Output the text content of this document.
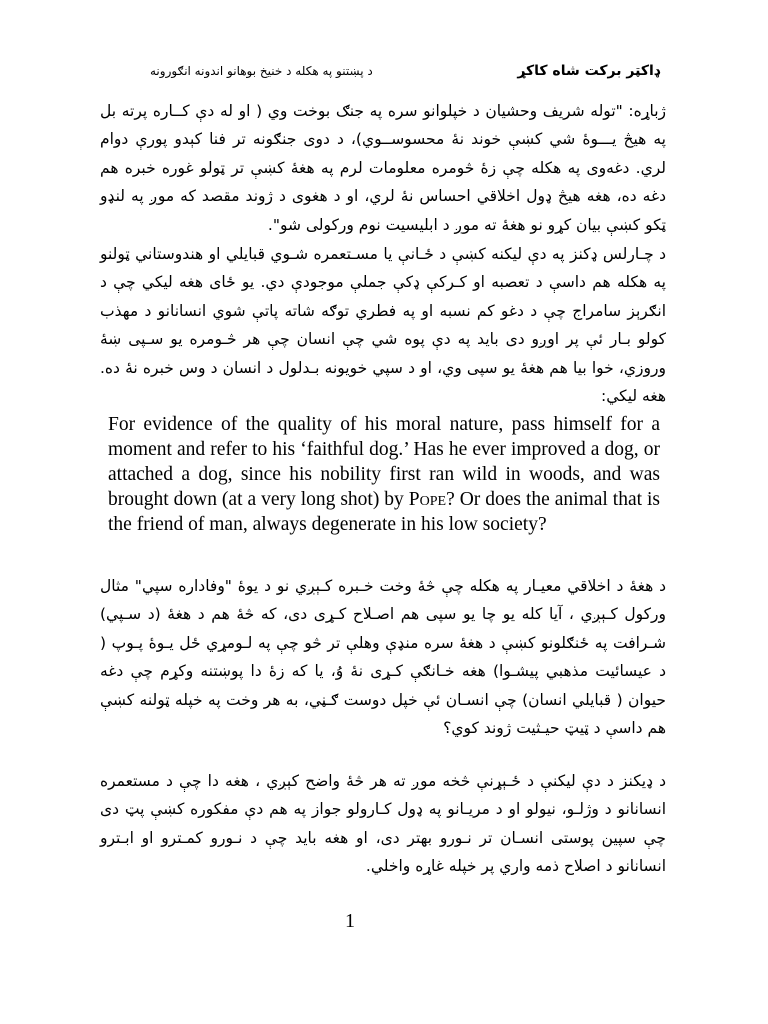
ډاکټر برکت شاه کاکړ
د پښتنو په هکله د خنیخ بوهانو اندونه انګورونه
ژباړه: "توله شریف وحشیان د خپلوانو سره په جنګ بوخت وي ( او له دې کــاره پرته بل په هیڅ یـــوهٔ شي کښې خوند نهٔ محسوســوي)، د دوی جنګونه تر فنا کېدو پورې دوام لري. دغه‌وی په هکله چې زهٔ څومره معلومات لرم په هغهٔ کښې تر ټولو غوره خبره هم دغه ده، هغه هیڅ ډول اخلاقي احساس نهٔ لري، او د هغوی د ژوند مقصد که موږ په لنډو ټکو کښې بیان کړو نو هغهٔ ته موږ د ابلیسیت نوم ورکولی شو".
د چـارلس ډکنز په دې لیکنه کښې د ځـانې یا مسـتعمره شـوي قبایلي او هندوستاني ټولنو په هکله هم داسې د تعصبه او کـرکې ډکې جملې موجودې دي. یو ځای هغه لیکي چې د انګرېز سامراج چې د دغو کم نسبه او په فطري توګه شاته پاتې شوي انسانانو د مهذب کولو بـار ئې پر اوږو دی باید په دې پوه شي چې انسان چې هر څـومره یو سـپی ښهٔ وروزي، خوا بیا هم هغهٔ یو سپی وي، او د سپي خویونه بـدلول د انسان د وس خبره نهٔ ده. هغه لیکي:
For evidence of the quality of his moral nature, pass himself for a moment and refer to his ‘faithful dog.’ Has he ever improved a dog, or attached a dog, since his nobility first ran wild in woods, and was brought down (at a very long shot) by Pope? Or does the animal that is the friend of man, always degenerate in his low society?
د هغهٔ د اخلاقي معیـار په هکله چې څهٔ وخت خـبره کـېږي نو د یوهٔ "وفاداره سپي" مثال ورکول کـېږي ، آیا کله یو چا یو سپی هم اصـلاح کـړی دی، که څهٔ هم د هغهٔ (د سـپي) شـرافت په ځنګلونو کښې د هغهٔ سره منډې وهلې تر څو چې په لـومړي ځل یـوهٔ پـوپ ( د عیسائیت مذهبي پیشـوا) هغه خـانګې کـړی نهٔ وُ، یا که زهٔ دا پوښتنه وکړم چې دغه حیوان ( قبایلي انسان) چې انسـان ئې خپل دوست ګـڼي، به هر وخت په خپله ټولنه کښې هم داسې د ټیټ حیـثیت ژوند کوي؟
د ډیکنز د دې لیکنې د ځـېړنې څخه موږ ته هر څهٔ واضح کېږي ، هغه دا چې د مستعمره انسانانو د وژلـو، نیولو او د مریـانو په ډول کـارولو جواز په هم دې مفکوره کښې پټ دی چې سپین پوستی انسـان تر نـورو بهتر دی، او هغه باید چې د نـورو کمـترو او ابـترو انسانانو د اصلاح ذمه واري پر خپله غاړه واخلي.
1
